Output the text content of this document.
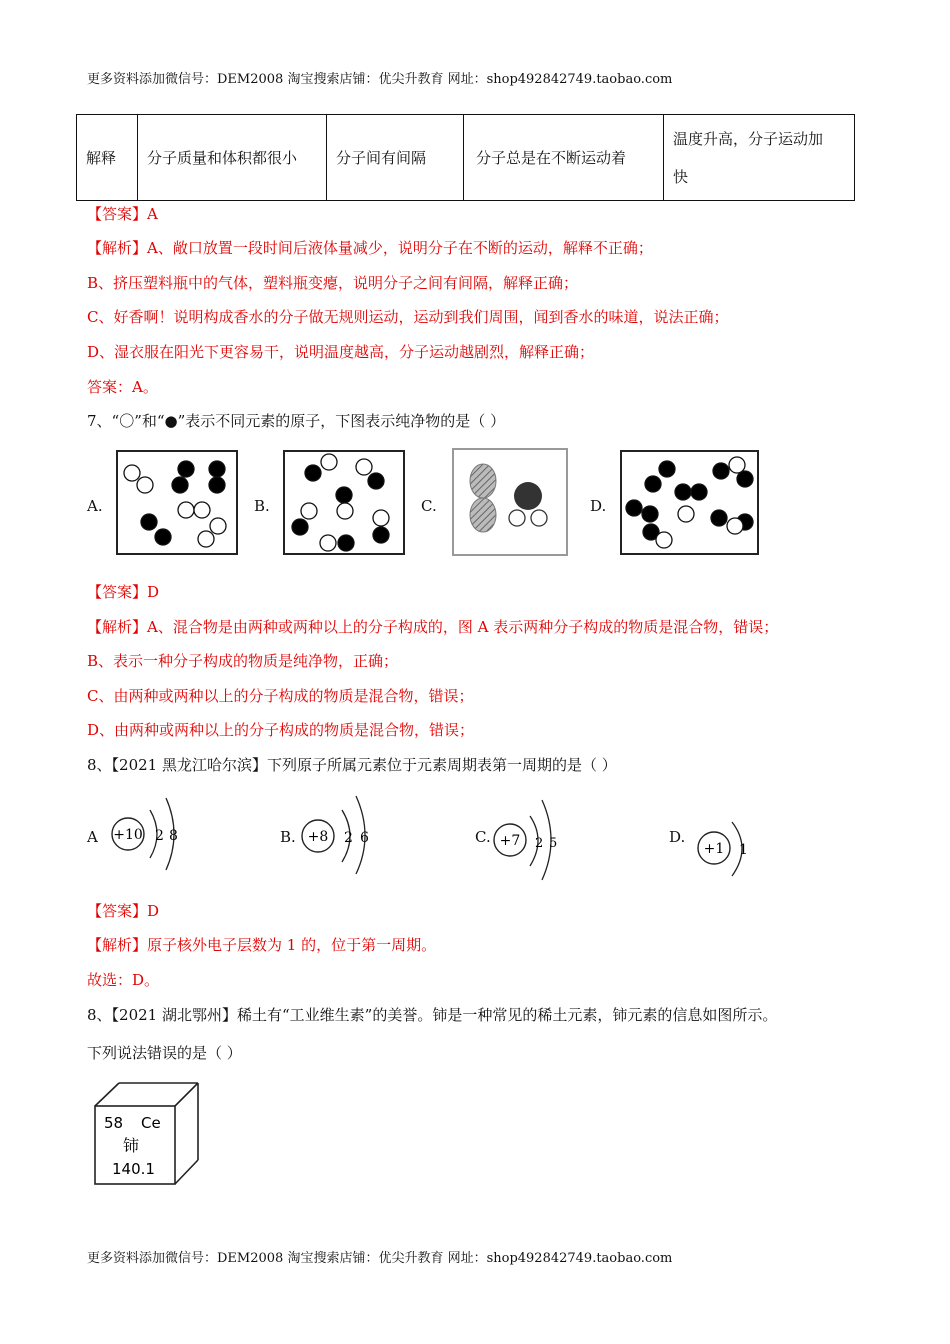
更多资料添加微信号：DEM2008 淘宝搜索店铺：优尖升教育 网址：shop492842749.taobao.com
解释	分子质量和体积都很小	分子间有间隔	分子总是在不断运动着	温度升高，分子运动加
快
【答案】A
【解析】A、敞口放置一段时间后液体量减少，说明分子在不断的运动，解释不正确；
B、挤压塑料瓶中的气体，塑料瓶变瘪，说明分子之间有间隔，解释正确；
C、好香啊！说明构成香水的分子做无规则运动，运动到我们周围，闻到香水的味道，说法正确；
D、湿衣服在阳光下更容易干，说明温度越高，分子运动越剧烈，解释正确；
答案：A。
7、“〇”和“●”表示不同元素的原子，下图表示纯净物的是（ ）
A.	B.	C.	D.
【答案】D
【解析】A、混合物是由两种或两种以上的分子构成的，图 A 表示两种分子构成的物质是混合物，错误；
B、表示一种分子构成的物质是纯净物，正确；
C、由两种或两种以上的分子构成的物质是混合物，错误；
D、由两种或两种以上的分子构成的物质是混合物，错误；
8、【2021 黑龙江哈尔滨】下列原子所属元素位于元素周期表第一周期的是（ ）
A +10 2 8	B. +8 2 6	C. +7 2 5	D.
+1 1
【答案】D
【解析】原子核外电子层数为 1 的，位于第一周期。
故选：D。
8、【2021 湖北鄂州】稀土有“工业维生素”的美誉。铈是一种常见的稀土元素，铈元素的信息如图所示。
下列说法错误的是（ ）
58 Ce
铈
140.1
更多资料添加微信号：DEM2008 淘宝搜索店铺：优尖升教育 网址：shop492842749.taobao.com
